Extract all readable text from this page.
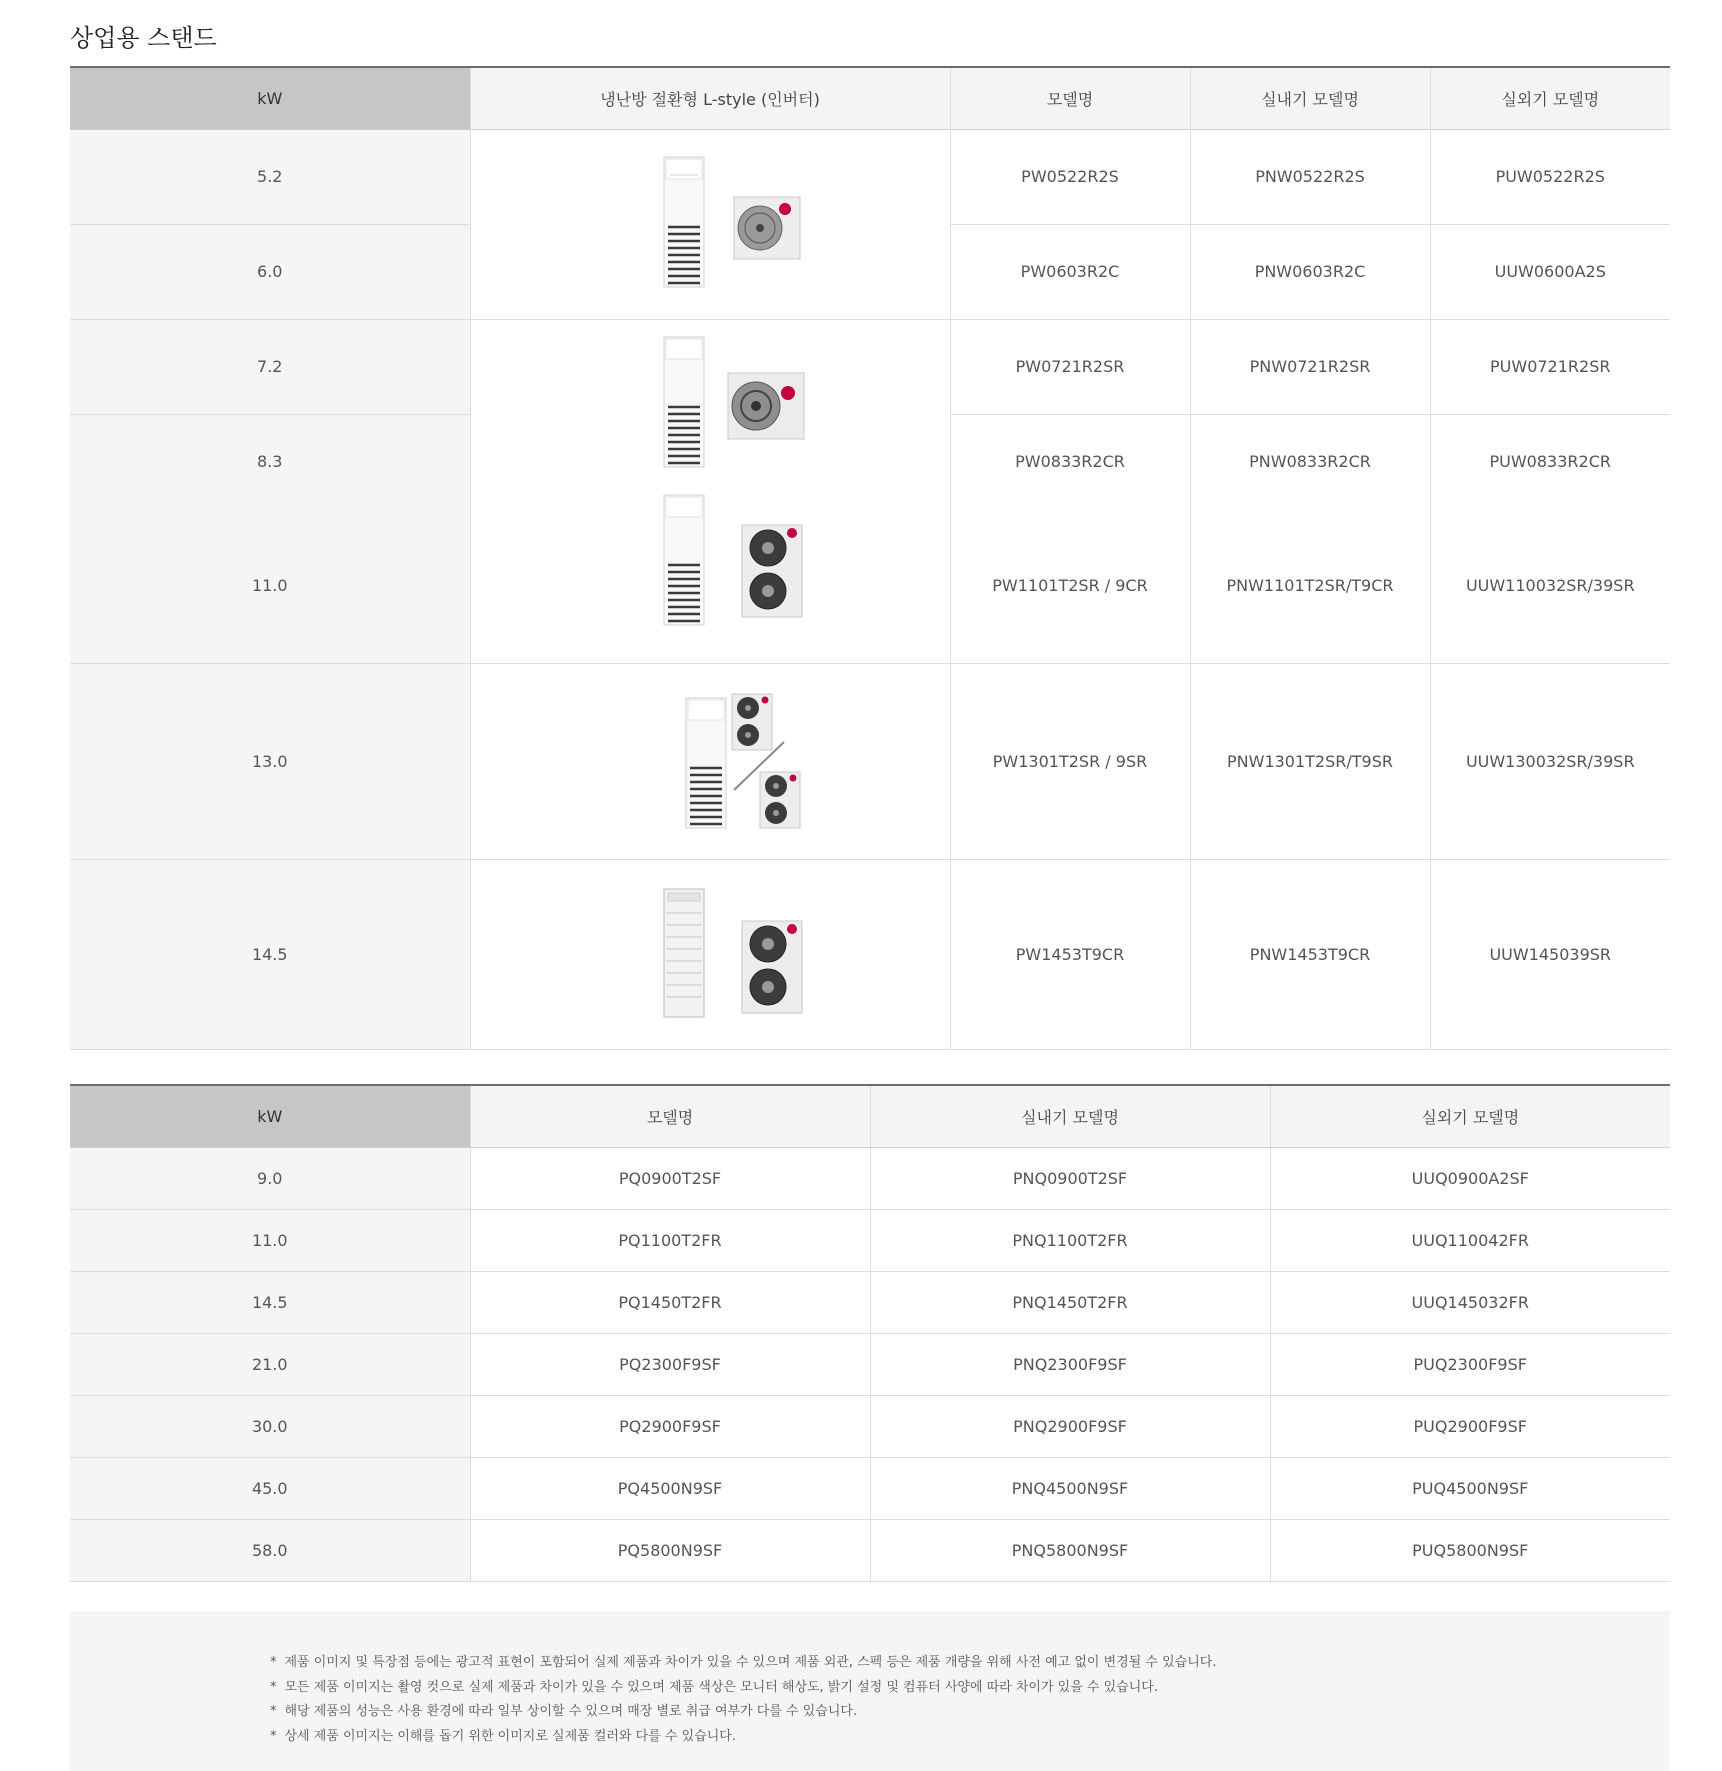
상업용 스탠드
kW	냉난방 절환형 L-style (인버터)	모델명	실내기 모델명	실외기 모델명
5.2		PW0522R2S	PNW0522R2S	PUW0522R2S
6.0		PW0603R2C	PNW0603R2C	UUW0600A2S
7.2		PW0721R2SR	PNW0721R2SR	PUW0721R2SR
8.3		PW0833R2CR	PNW0833R2CR	PUW0833R2CR
11.0		PW1101T2SR / 9CR	PNW1101T2SR/T9CR	UUW110032SR/39SR
13.0		PW1301T2SR / 9SR	PNW1301T2SR/T9SR	UUW130032SR/39SR
14.5		PW1453T9CR	PNW1453T9CR	UUW145039SR
kW	모델명	실내기 모델명	실외기 모델명
9.0	PQ0900T2SF	PNQ0900T2SF	UUQ0900A2SF
11.0	PQ1100T2FR	PNQ1100T2FR	UUQ110042FR
14.5	PQ1450T2FR	PNQ1450T2FR	UUQ145032FR
21.0	PQ2300F9SF	PNQ2300F9SF	PUQ2300F9SF
30.0	PQ2900F9SF	PNQ2900F9SF	PUQ2900F9SF
45.0	PQ4500N9SF	PNQ4500N9SF	PUQ4500N9SF
58.0	PQ5800N9SF	PNQ5800N9SF	PUQ5800N9SF
* 제품 이미지 및 특장점 등에는 광고적 표현이 포함되어 실제 제품과 차이가 있을 수 있으며 제품 외관, 스펙 등은 제품 개량을 위해 사전 예고 없이 변경될 수 있습니다.
* 모든 제품 이미지는 촬영 컷으로 실제 제품과 차이가 있을 수 있으며 제품 색상은 모니터 해상도, 밝기 설정 및 컴퓨터 사양에 따라 차이가 있을 수 있습니다.
* 해당 제품의 성능은 사용 환경에 따라 일부 상이할 수 있으며 매장 별로 취급 여부가 다를 수 있습니다.
* 상세 제품 이미지는 이해를 돕기 위한 이미지로 실제품 컬러와 다를 수 있습니다.
